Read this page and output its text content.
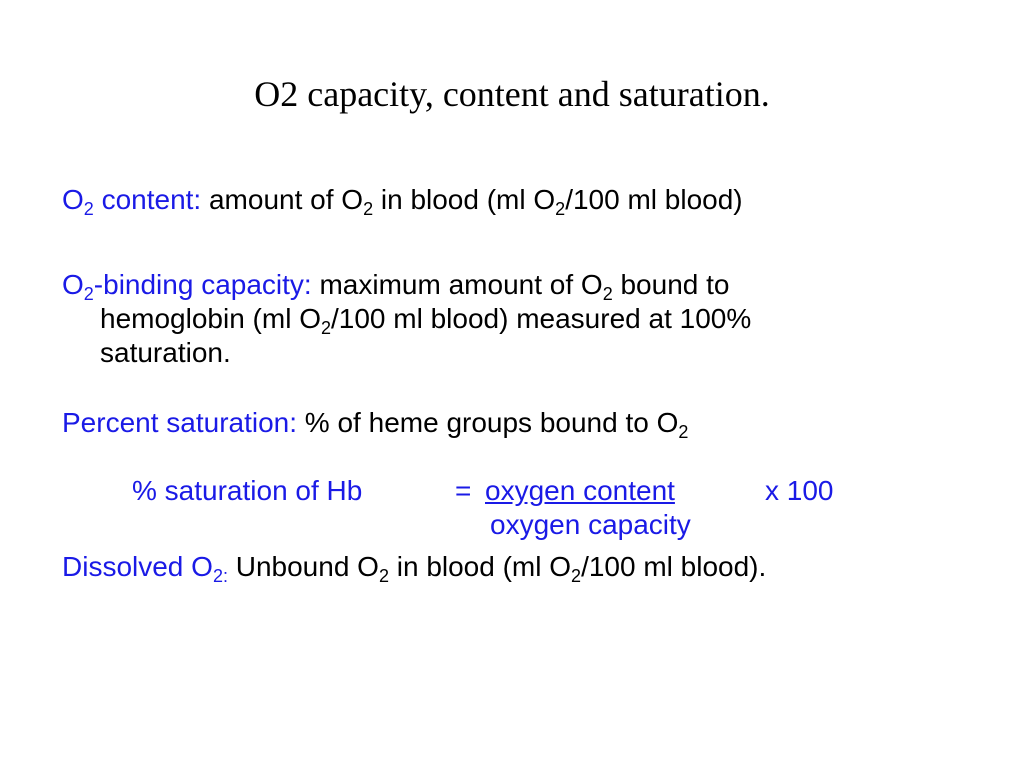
O2 capacity, content and saturation.
$O_2$ content: amount of $O_2$ in blood (ml $O_2/100$ ml blood)
$O_2$-binding capacity: maximum amount of $O_2$ bound to
hemoglobin (ml $O_2/100$ ml blood) measured at 100%
saturation.
Percent saturation: % of heme groups bound to $O_2$
% saturation of Hb	= oxygen content	x 100
oxygen capacity
Dissolved $O_{2:}$ Unbound $O_2$ in blood (ml $O_2/100$ ml blood).
